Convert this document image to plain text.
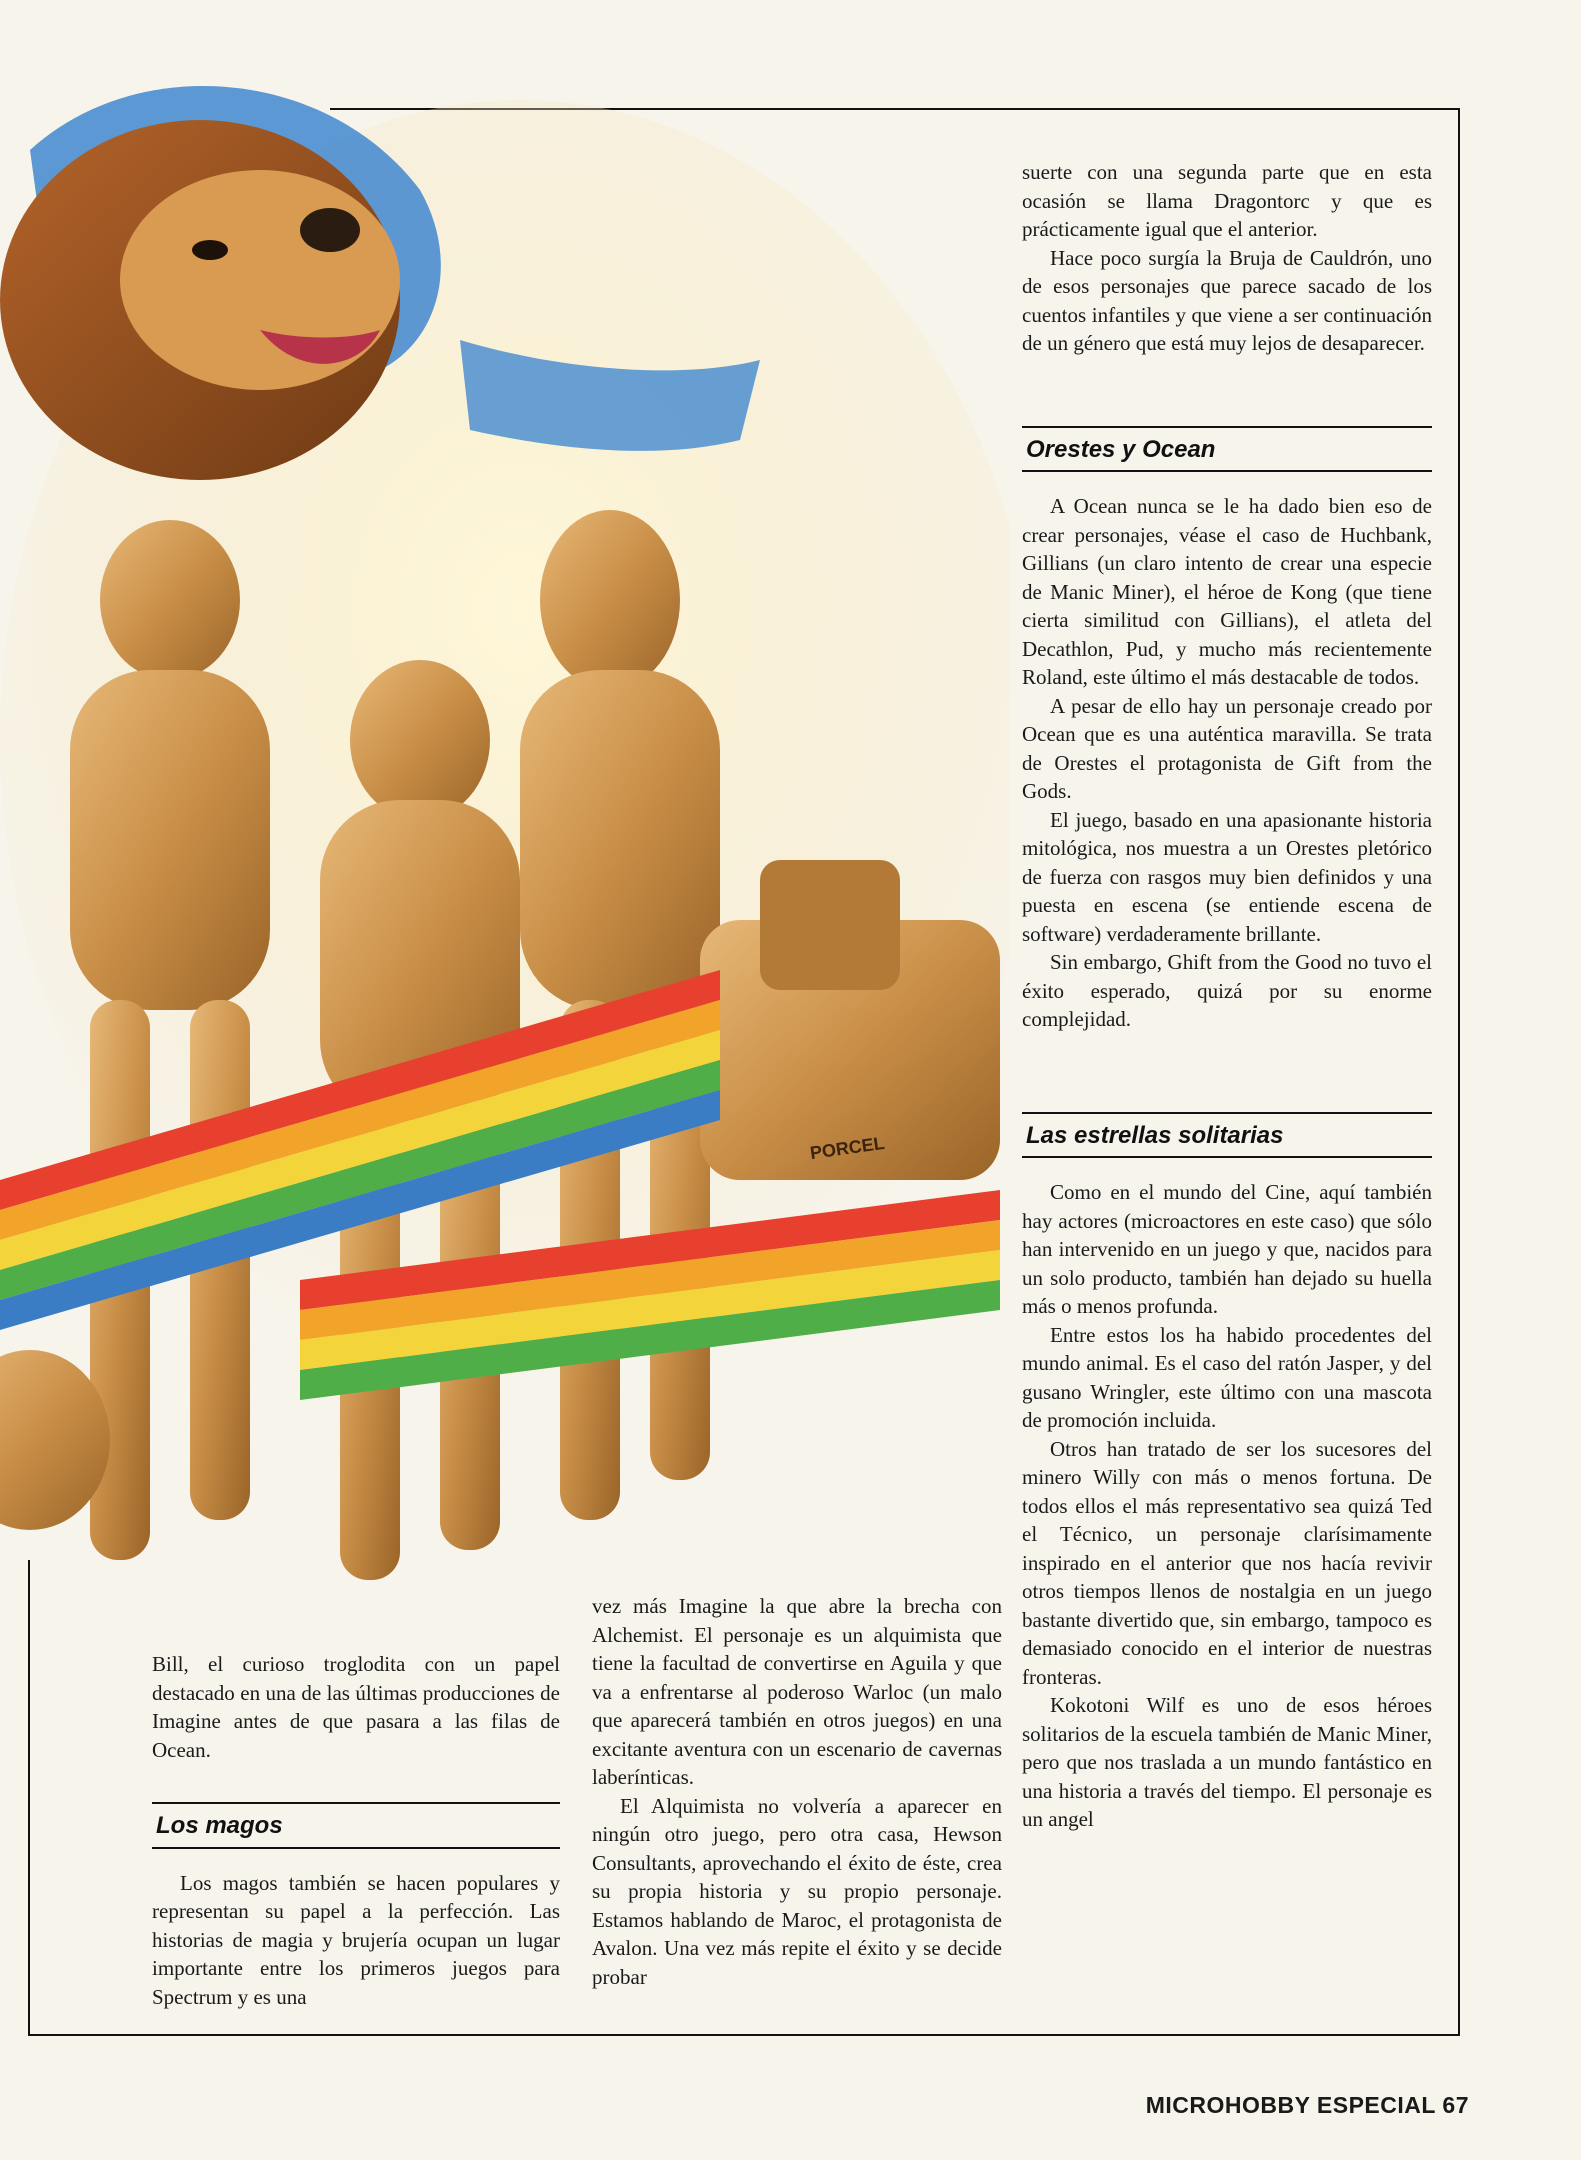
PORCEL

suerte con una segunda parte que en esta ocasión se llama Dragontorc y que es prácticamente igual que el anterior.

Hace poco surgía la Bruja de Cauldrón, uno de esos personajes que parece sacado de los cuentos infantiles y que viene a ser continuación de un género que está muy lejos de desaparecer.

Orestes y Ocean

A Ocean nunca se le ha dado bien eso de crear personajes, véase el caso de Huchbank, Gillians (un claro intento de crear una especie de Manic Miner), el héroe de Kong (que tiene cierta similitud con Gillians), el atleta del Decathlon, Pud, y mucho más recientemente Roland, este último el más destacable de todos.

A pesar de ello hay un personaje creado por Ocean que es una auténtica maravilla. Se trata de Orestes el protagonista de Gift from the Gods.

El juego, basado en una apasionante historia mitológica, nos muestra a un Orestes pletórico de fuerza con rasgos muy bien definidos y una puesta en escena (se entiende escena de software) verdaderamente brillante.

Sin embargo, Ghift from the Good no tuvo el éxito esperado, quizá por su enorme complejidad.

Las estrellas solitarias

Como en el mundo del Cine, aquí también hay actores (microactores en este caso) que sólo han intervenido en un juego y que, nacidos para un solo producto, también han dejado su huella más o menos profunda.

Entre estos los ha habido procedentes del mundo animal. Es el caso del ratón Jasper, y del gusano Wringler, este último con una mascota de promoción incluida.

Otros han tratado de ser los sucesores del minero Willy con más o menos fortuna. De todos ellos el más representativo sea quizá Ted el Técnico, un personaje clarísimamente inspirado en el anterior que nos hacía revivir otros tiempos llenos de nostalgia en un juego bastante divertido que, sin embargo, tampoco es demasiado conocido en el interior de nuestras fronteras.

Kokotoni Wilf es uno de esos héroes solitarios de la escuela también de Manic Miner, pero que nos traslada a un mundo fantástico en una historia a través del tiempo. El personaje es un angel

Bill, el curioso troglodita con un papel destacado en una de las últimas producciones de Imagine antes de que pasara a las filas de Ocean.

Los magos

Los magos también se hacen populares y representan su papel a la perfección. Las historias de magia y brujería ocupan un lugar importante entre los primeros juegos para Spectrum y es una

vez más Imagine la que abre la brecha con Alchemist. El personaje es un alquimista que tiene la facultad de convertirse en Aguila y que va a enfrentarse al poderoso Warloc (un malo que aparecerá también en otros juegos) en una excitante aventura con un escenario de cavernas laberínticas.

El Alquimista no volvería a aparecer en ningún otro juego, pero otra casa, Hewson Consultants, aprovechando el éxito de éste, crea su propia historia y su propio personaje. Estamos hablando de Maroc, el protagonista de Avalon. Una vez más repite el éxito y se decide probar

MICROHOBBY ESPECIAL 67
